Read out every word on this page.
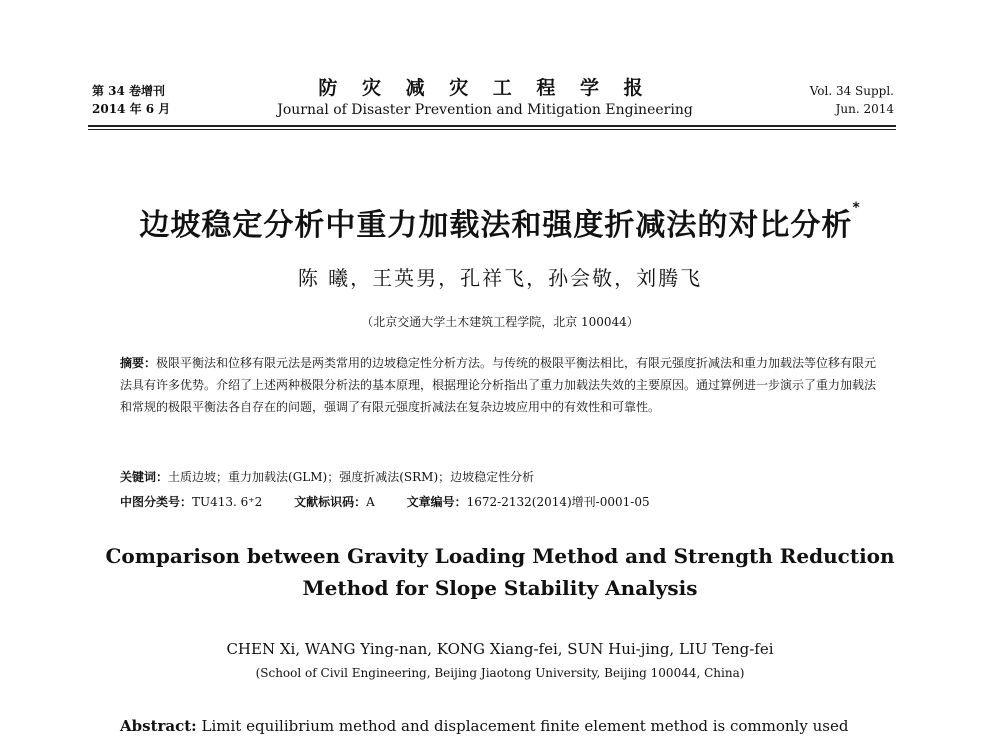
第 34 卷增刊
2014 年 6 月
防 灾 减 灾 工 程 学 报
Journal of Disaster Prevention and Mitigation Engineering
Vol. 34 Suppl.
Jun. 2014
边坡稳定分析中重力加载法和强度折减法的对比分析*
陈 曦，王英男，孔祥飞，孙会敬，刘腾飞
（北京交通大学土木建筑工程学院，北京 100044）
摘要：极限平衡法和位移有限元法是两类常用的边坡稳定性分析方法。与传统的极限平衡法相比，有限元强度折减法和重力加载法等位移有限元法具有许多优势。介绍了上述两种极限分析法的基本原理，根据理论分析指出了重力加载法失效的主要原因。通过算例进一步演示了重力加载法和常规的极限平衡法各自存在的问题，强调了有限元强度折减法在复杂边坡应用中的有效性和可靠性。
关键词：土质边坡；重力加载法(GLM)；强度折减法(SRM)；边坡稳定性分析
中图分类号：TU413. 6⁺2	文献标识码：A	文章编号：1672-2132(2014)增刊-0001-05
Comparison between Gravity Loading Method and Strength Reduction
Method for Slope Stability Analysis
CHEN Xi, WANG Ying-nan, KONG Xiang-fei, SUN Hui-jing, LIU Teng-fei
(School of Civil Engineering, Beijing Jiaotong University, Beijing 100044, China)
Abstract: Limit equilibrium method and displacement finite element method is commonly used
